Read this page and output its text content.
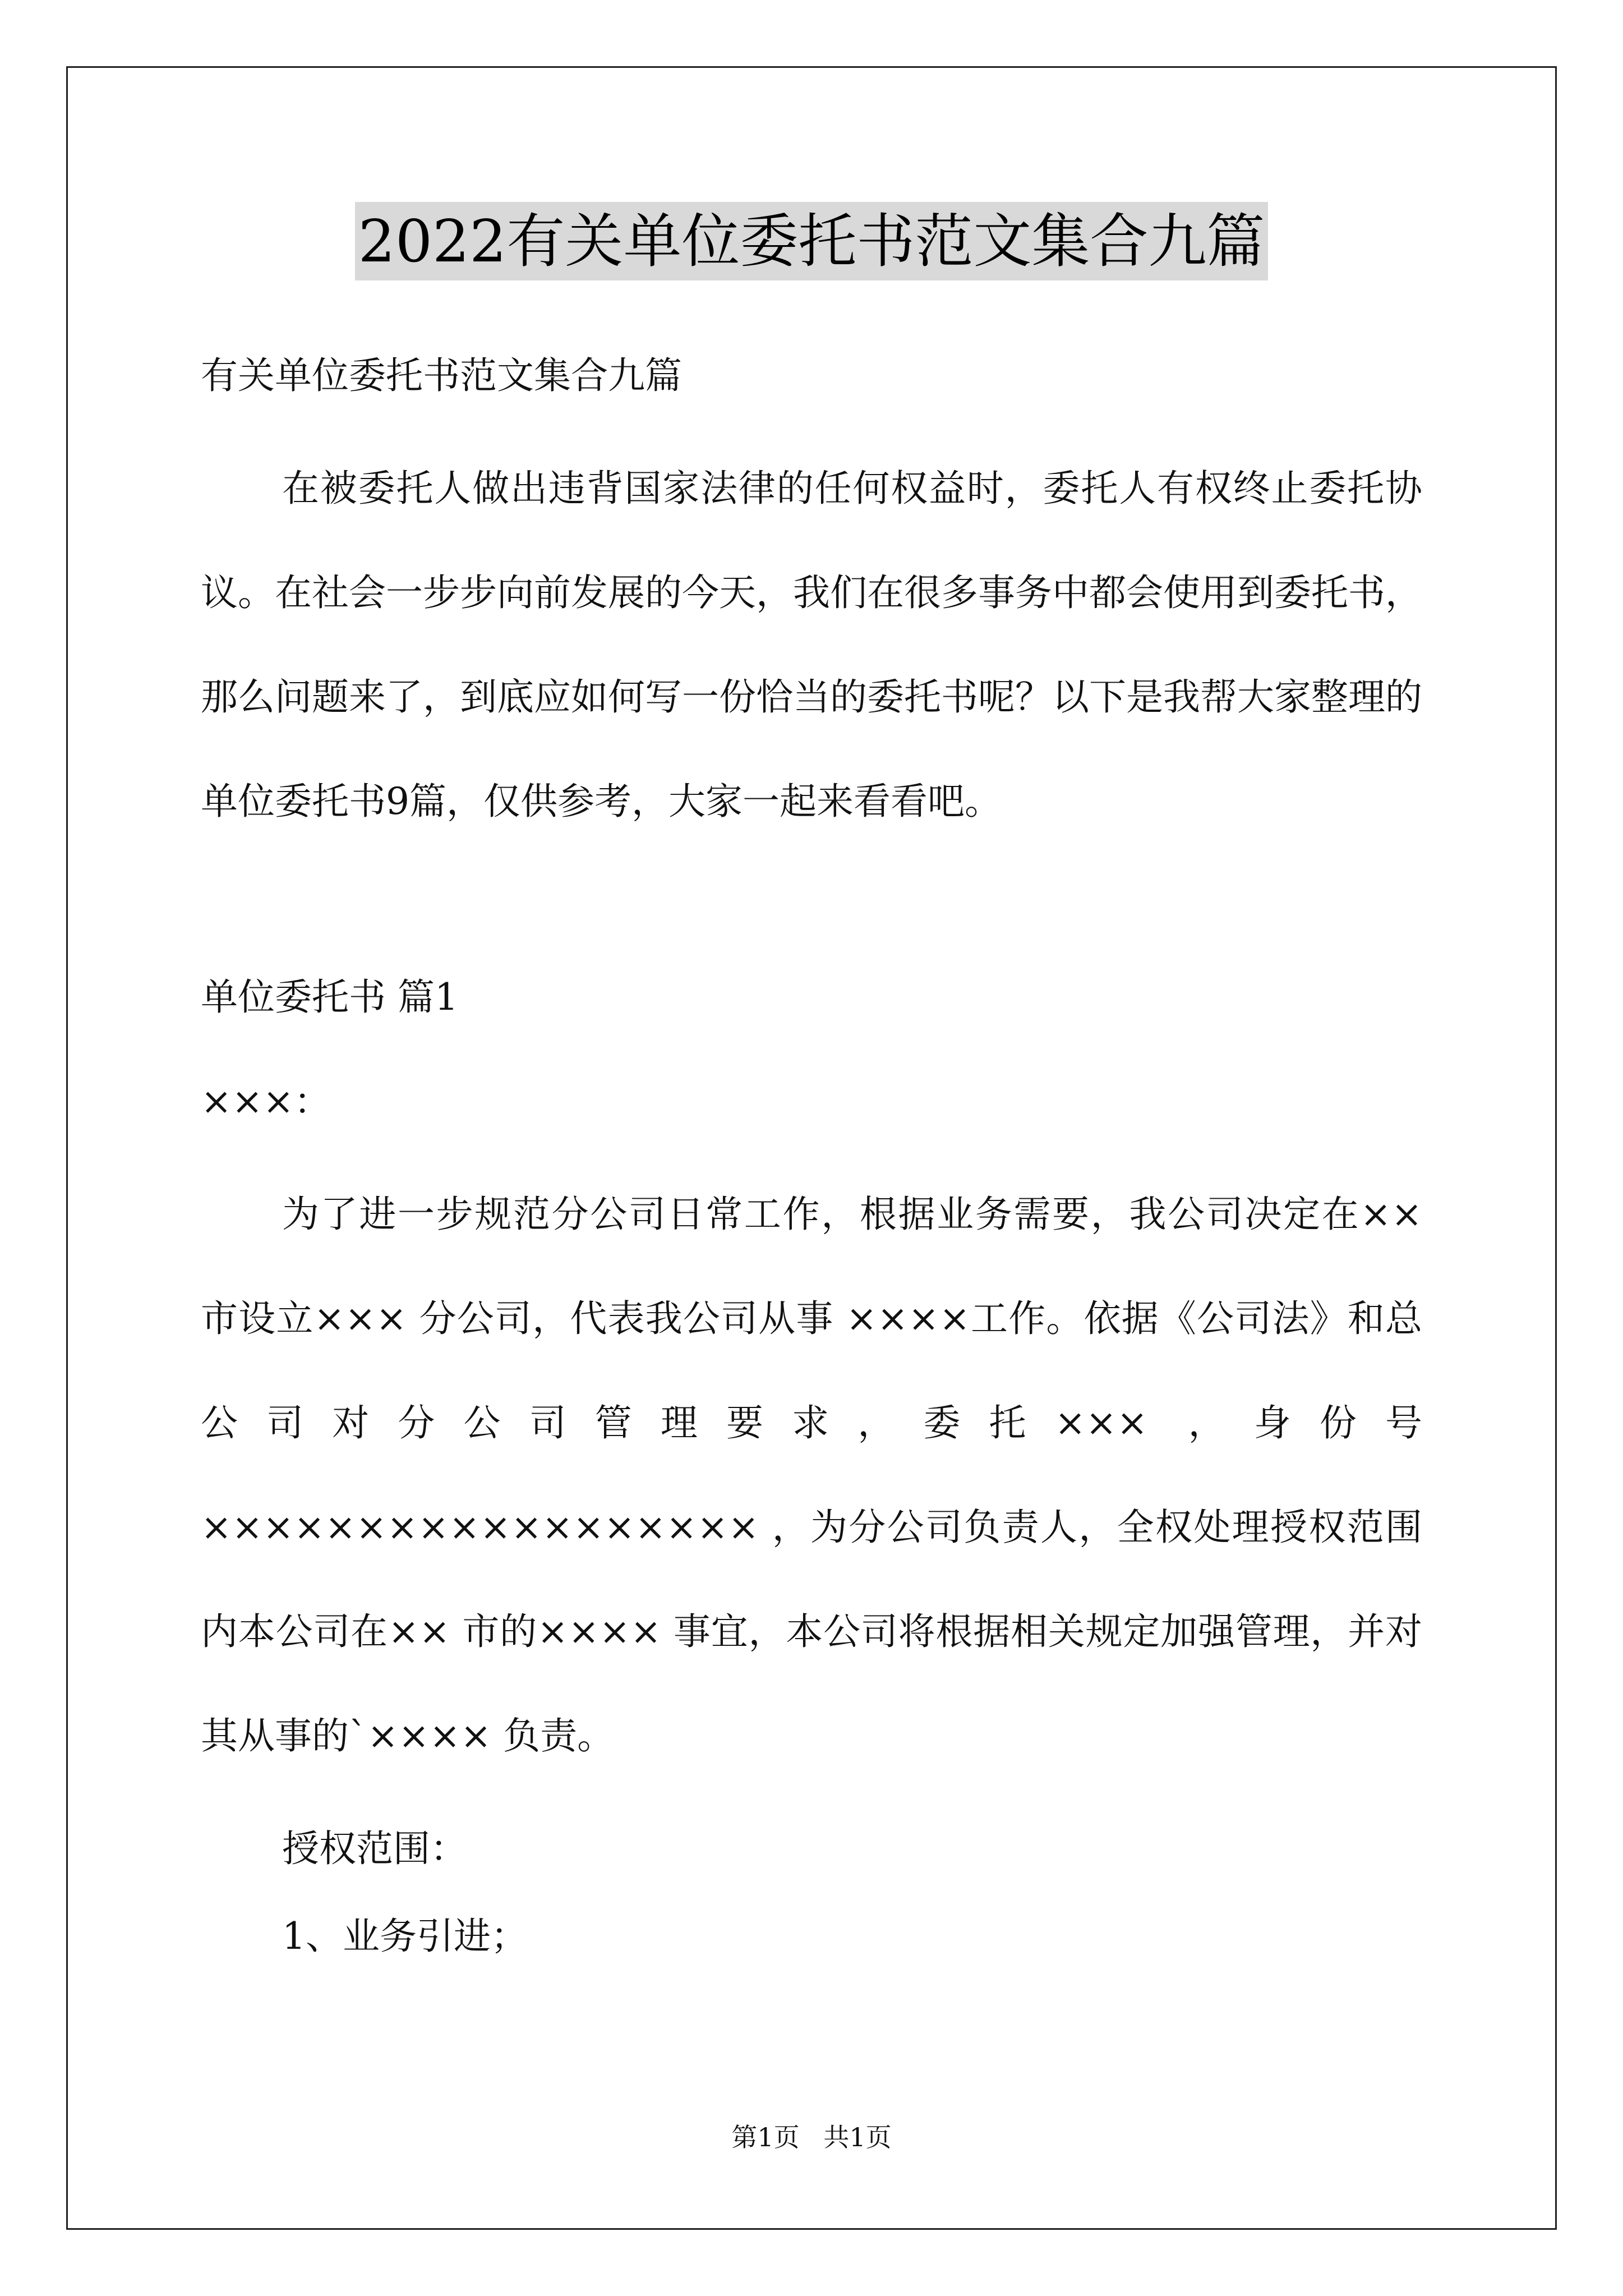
2022有关单位委托书范文集合九篇
有关单位委托书范文集合九篇

在被委托人做出违背国家法律的任何权益时，委托人有权终止委托协议。在社会一步步向前发展的今天，我们在很多事务中都会使用到委托书，那么问题来了，到底应如何写一份恰当的委托书呢？以下是我帮大家整理的单位委托书9篇，仅供参考，大家一起来看看吧。

单位委托书 篇1
×××：

为了进一步规范分公司日常工作，根据业务需要，我公司决定在×× 市设立××× 分公司，代表我公司从事 ××××工作。依据《公司法》和总公司对分公司管理要求，委托××× ，身份号×××××××××××××××××× ，为分公司负责人，全权处理授权范围内本公司在×× 市的×××× 事宜，本公司将根据相关规定加强管理，并对其从事的`×××× 负责。

授权范围：
1、业务引进；
第1页 共1页
